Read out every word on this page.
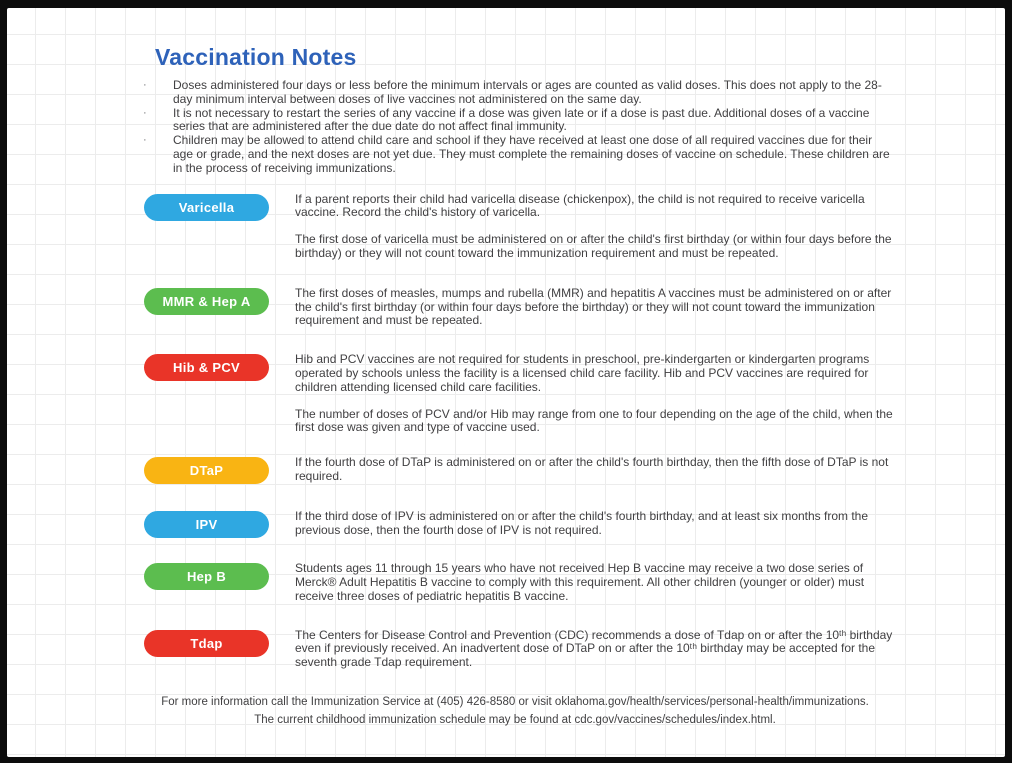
Vaccination Notes
·	Doses administered four days or less before the minimum intervals or ages are counted as valid doses. This does not apply to the 28-day minimum interval between doses of live vaccines not administered on the same day.
·	It is not necessary to restart the series of any vaccine if a dose was given late or if a dose is past due. Additional doses of a vaccine series that are administered after the due date do not affect final immunity.
·	Children may be allowed to attend child care and school if they have received at least one dose of all required vaccines due for their age or grade, and the next doses are not yet due. They must complete the remaining doses of vaccine on schedule. These children are in the process of receiving immunizations.
Varicella

If a parent reports their child had varicella disease (chickenpox), the child is not required to receive varicella vaccine. Record the child's history of varicella.

The first dose of varicella must be administered on or after the child's first birthday (or within four days before the birthday) or they will not count toward the immunization requirement and must be repeated.

MMR & Hep A

The first doses of measles, mumps and rubella (MMR) and hepatitis A vaccines must be administered on or after the child's first birthday (or within four days before the birthday) or they will not count toward the immunization requirement and must be repeated.

Hib & PCV

Hib and PCV vaccines are not required for students in preschool, pre-kindergarten or kindergarten programs operated by schools unless the facility is a licensed child care facility. Hib and PCV vaccines are required for children attending licensed child care facilities.

The number of doses of PCV and/or Hib may range from one to four depending on the age of the child, when the first dose was given and type of vaccine used.

DTaP

If the fourth dose of DTaP is administered on or after the child's fourth birthday, then the fifth dose of DTaP is not required.

IPV

If the third dose of IPV is administered on or after the child's fourth birthday, and at least six months from the previous dose, then the fourth dose of IPV is not required.

Hep B

Students ages 11 through 15 years who have not received Hep B vaccine may receive a two dose series of Merck® Adult Hepatitis B vaccine to comply with this requirement. All other children (younger or older) must receive three doses of pediatric hepatitis B vaccine.

Tdap

The Centers for Disease Control and Prevention (CDC) recommends a dose of Tdap on or after the 10ᵗʰ birthday even if previously received. An inadvertent dose of DTaP on or after the 10ᵗʰ birthday may be accepted for the seventh grade Tdap requirement.

For more information call the Immunization Service at (405) 426-8580 or visit oklahoma.gov/health/services/personal-health/immunizations.

The current childhood immunization schedule may be found at cdc.gov/vaccines/schedules/index.html.
